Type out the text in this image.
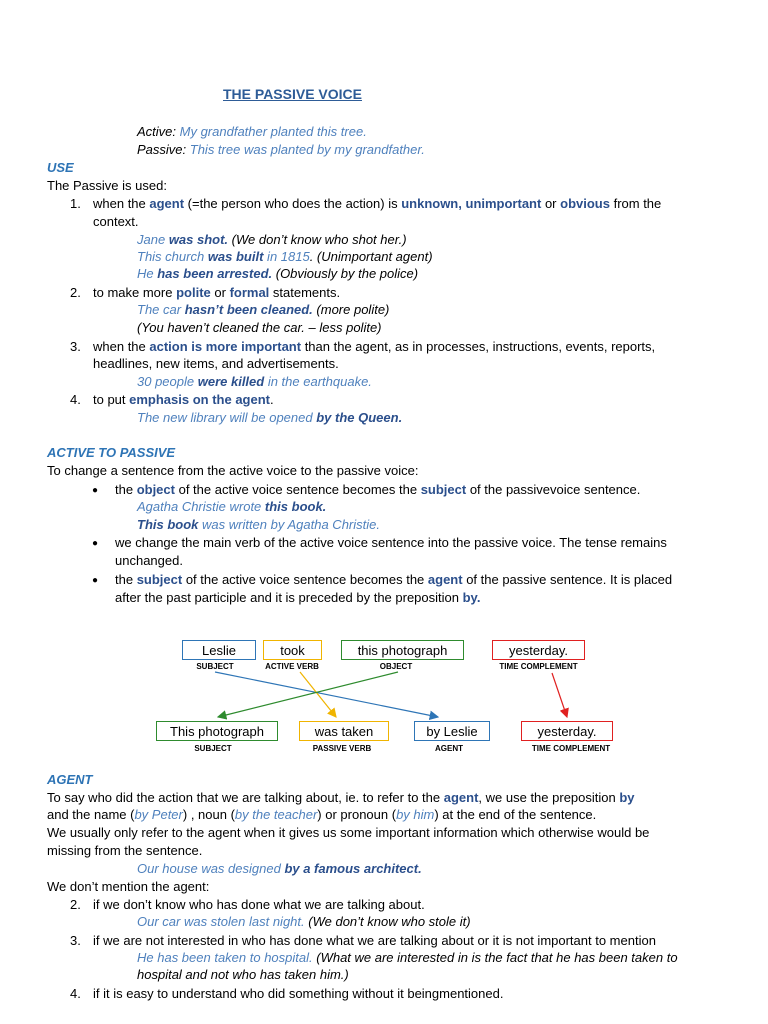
THE PASSIVE VOICE
Active: My grandfather planted this tree.
Passive: This tree was planted by my grandfather.
USE
The Passive is used:
1. when the agent (=the person who does the action) is unknown, unimportant or obvious from the
context.
Jane was shot. (We don’t know who shot her.)
This church was built in 1815. (Unimportant agent)
He has been arrested. (Obviously by the police)
2. to make more polite or formal statements.
The car hasn’t been cleaned. (more polite)
(You haven’t cleaned the car. – less polite)
3. when the action is more important than the agent, as in processes, instructions, events, reports,
headlines, new items, and advertisements.
30 people were killed in the earthquake.
4. to put emphasis on the agent.
The new library will be opened by the Queen.
ACTIVE TO PASSIVE
To change a sentence from the active voice to the passive voice:
● the object of the active voice sentence becomes the subject of the passivevoice sentence.
Agatha Christie wrote this book.
This book was written by Agatha Christie.
● we change the main verb of the active voice sentence into the passive voice. The tense remains
unchanged.
● the subject of the active voice sentence becomes the agent of the passive sentence. It is placed
after the past participle and it is preceded by the preposition by.
Leslie
SUBJECT
took
ACTIVE VERB
this photograph
OBJECT
yesterday.
TIME COMPLEMENT
This photograph
SUBJECT
was taken
PASSIVE VERB
by Leslie
AGENT
yesterday.
TIME COMPLEMENT
AGENT
To say who did the action that we are talking about, ie. to refer to the agent, we use the preposition by
and the name (by Peter) , noun (by the teacher) or pronoun (by him) at the end of the sentence.
We usually only refer to the agent when it gives us some important information which otherwise would be
missing from the sentence.
Our house was designed by a famous architect.
We don’t mention the agent:
2. if we don’t know who has done what we are talking about.
Our car was stolen last night. (We don’t know who stole it)
3. if we are not interested in who has done what we are talking about or it is not important to mention
He has been taken to hospital. (What we are interested in is the fact that he has been taken to
hospital and not who has taken him.)
4. if it is easy to understand who did something without it beingmentioned.
